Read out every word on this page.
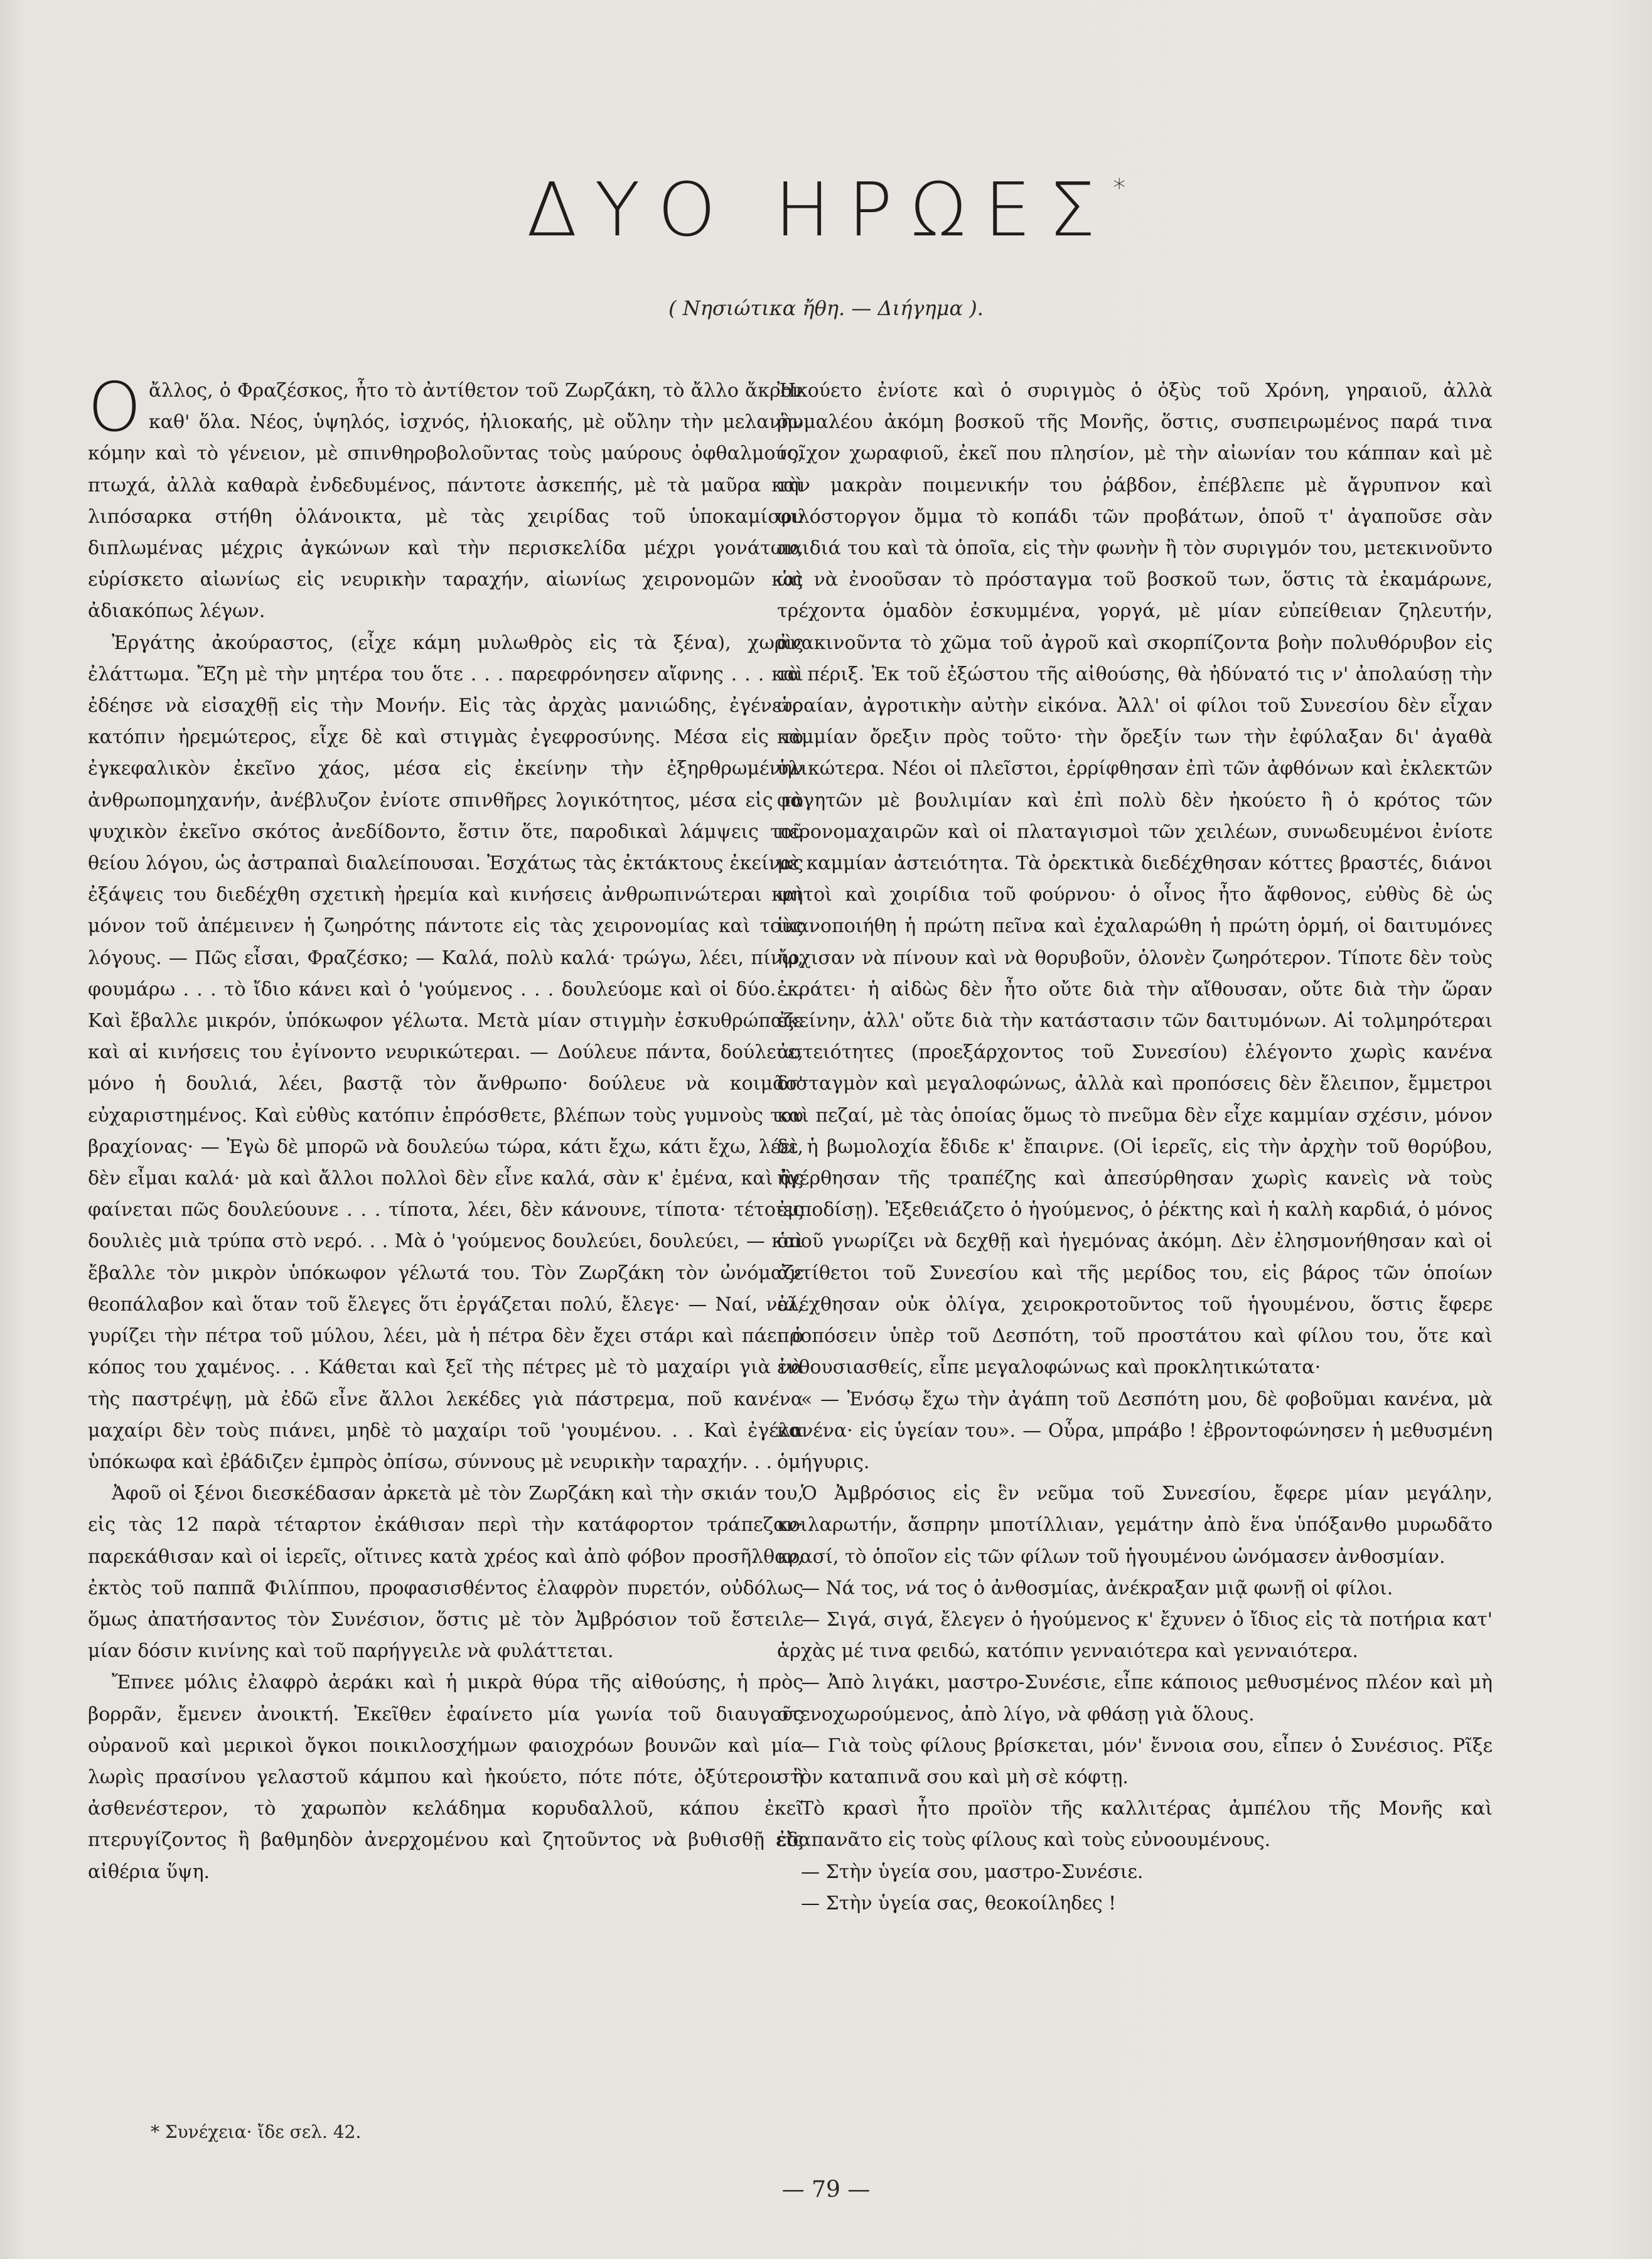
ΔΥΟ ΗΡΩΕΣ*
( Νησιώτικα ἤθη. — Διήγημα ).

Οἄλλος, ὁ Φραζέσκος, ἦτο τὸ ἀντίθετον τοῦ Ζωρζάκη, τὸ ἄλλο ἄκρον καθ' ὅλα. Νέος, ὑψηλός, ἰσχνός, ἡλιοκαής, μὲ οὔλην τὴν μελανὴν κόμην καὶ τὸ γένειον, μὲ σπινθηροβολοῦντας τοὺς μαύρους ὀφθαλμούς, πτωχά, ἀλλὰ καθαρὰ ἐνδεδυμένος, πάντοτε ἀσκεπής, μὲ τὰ μαῦρα καὶ λιπόσαρκα στήθη ὁλάνοικτα, μὲ τὰς χειρίδας τοῦ ὑποκαμίσου διπλωμένας μέχρις ἀγκώνων καὶ τὴν περισκελίδα μέχρι γονάτων, εὑρίσκετο αἰωνίως εἰς νευρικὴν ταραχήν, αἰωνίως χειρονομῶν καὶ ἀδιακόπως λέγων.

Ἐργάτης ἀκούραστος, (εἶχε κάμη μυλωθρὸς εἰς τὰ ξένα), χωρὶς ἐλάττωμα. Ἔζη μὲ τὴν μητέρα του ὅτε . . . παρεφρόνησεν αἴφνης . . . καὶ ἐδέησε νὰ εἰσαχθῇ εἰς τὴν Μονήν. Εἰς τὰς ἀρχὰς μανιώδης, ἐγένετο κατόπιν ἠρεμώτερος, εἶχε δὲ καὶ στιγμὰς ἐγεφροσύνης. Μέσα εἰς τὸ ἐγκεφαλικὸν ἐκεῖνο χάος, μέσα εἰς ἐκείνην τὴν ἐξηρθρωμένην ἀνθρωπομηχανήν, ἀνέβλυζον ἐνίοτε σπινθῆρες λογικότητος, μέσα εἰς τὸ ψυχικὸν ἐκεῖνο σκότος ἀνεδίδοντο, ἔστιν ὅτε, παροδικαὶ λάμψεις τοῦ θείου λόγου, ὡς ἀστραπαὶ διαλείπουσαι. Ἐσχάτως τὰς ἐκτάκτους ἐκείνας ἐξάψεις του διεδέχθη σχετικὴ ἠρεμία καὶ κινήσεις ἀνθρωπινώτεραι καὶ μόνον τοῦ ἀπέμεινεν ἡ ζωηρότης πάντοτε εἰς τὰς χειρονομίας καὶ τοὺς λόγους. — Πῶς εἶσαι, Φραζέσκο; — Καλά, πολὺ καλά· τρώγω, λέει, πίνω, φουμάρω . . . τὸ ἴδιο κάνει καὶ ὁ 'γούμενος . . . δουλεύομε καὶ οἱ δύο. . . Καὶ ἔβαλλε μικρόν, ὑπόκωφον γέλωτα. Μετὰ μίαν στιγμὴν ἐσκυθρώπαζε καὶ αἱ κινήσεις του ἐγίνοντο νευρικώτεραι. — Δούλευε πάντα, δούλευε, μόνο ἡ δουλιά, λέει, βαστᾷ τὸν ἄνθρωπο· δούλευε νὰ κοιμᾶσ' εὐχαριστημένος. Καὶ εὐθὺς κατόπιν ἐπρόσθετε, βλέπων τοὺς γυμνοὺς του βραχίονας· — Ἐγὼ δὲ μπορῶ νὰ δουλεύω τώρα, κάτι ἔχω, κάτι ἔχω, λέει, δὲν εἶμαι καλά· μὰ καὶ ἄλλοι πολλοὶ δὲν εἶνε καλά, σὰν κ' ἐμένα, καὶ ἂς φαίνεται πῶς δουλεύουνε . . . τίποτα, λέει, δὲν κάνουνε, τίποτα· τέτοιες δουλιὲς μιὰ τρύπα στὸ νερό. . . Μὰ ὁ 'γούμενος δουλεύει, δουλεύει, — καὶ ἔβαλλε τὸν μικρὸν ὑπόκωφον γέλωτά του. Τὸν Ζωρζάκη τὸν ὠνόμαζε θεοπάλαβον καὶ ὅταν τοῦ ἔλεγες ὅτι ἐργάζεται πολύ, ἔλεγε· — Ναί, ναί, γυρίζει τὴν πέτρα τοῦ μύλου, λέει, μὰ ἡ πέτρα δὲν ἔχει στάρι καὶ πάει ὁ κόπος του χαμένος. . . Κάθεται καὶ ξεῖ τὴς πέτρες μὲ τὸ μαχαίρι γιὰ νὰ τὴς παστρέψῃ, μὰ ἐδῶ εἶνε ἄλλοι λεκέδες γιὰ πάστρεμα, ποῦ κανένα μαχαίρι δὲν τοὺς πιάνει, μηδὲ τὸ μαχαίρι τοῦ 'γουμένου. . . Καὶ ἐγέλα ὑπόκωφα καὶ ἐβάδιζεν ἐμπρὸς ὀπίσω, σύννους μὲ νευρικὴν ταραχήν. . .

Ἀφοῦ οἱ ξένοι διεσκέδασαν ἀρκετὰ μὲ τὸν Ζωρζάκη καὶ τὴν σκιάν του, εἰς τὰς 12 παρὰ τέταρτον ἐκάθισαν περὶ τὴν κατάφορτον τράπεζαν· παρεκάθισαν καὶ οἱ ἱερεῖς, οἵτινες κατὰ χρέος καὶ ἀπὸ φόβον προσῆλθον, ἐκτὸς τοῦ παππᾶ Φιλίππου, προφασισθέντος ἐλαφρὸν πυρετόν, οὐδόλως ὅμως ἀπατήσαντος τὸν Συνέσιον, ὅστις μὲ τὸν Ἀμβρόσιον τοῦ ἔστειλε μίαν δόσιν κινίνης καὶ τοῦ παρήγγειλε νὰ φυλάττεται.

Ἔπνεε μόλις ἐλαφρὸ ἀεράκι καὶ ἡ μικρὰ θύρα τῆς αἰθούσης, ἡ πρὸς βορρᾶν, ἔμενεν ἀνοικτή. Ἐκεῖθεν ἐφαίνετο μία γωνία τοῦ διαυγοῦς οὐρανοῦ καὶ μερικοὶ ὄγκοι ποικιλοσχήμων φαιοχρόων βουνῶν καὶ μία λωρὶς πρασίνου γελαστοῦ κάμπου καὶ ἠκούετο, πότε πότε, ὀξύτερον ἢ ἀσθενέστερον, τὸ χαρωπὸν κελάδημα κορυδαλλοῦ, κάπου ἐκεῖ πτερυγίζοντος ἢ βαθμηδὸν ἀνερχομένου καὶ ζητοῦντος νὰ βυθισθῇ εἰς αἰθέρια ὕψη.

Ἠκούετο ἐνίοτε καὶ ὁ συριγμὸς ὁ ὀξὺς τοῦ Χρόνη, γηραιοῦ, ἀλλὰ ῥωμαλέου ἀκόμη βοσκοῦ τῆς Μονῆς, ὅστις, συσπειρωμένος παρά τινα τοῖχον χωραφιοῦ, ἐκεῖ που πλησίον, μὲ τὴν αἰωνίαν του κάππαν καὶ μὲ τὴν μακρὰν ποιμενικήν του ῥάβδον, ἐπέβλεπε μὲ ἄγρυπνον καὶ φιλόστοργον ὄμμα τὸ κοπάδι τῶν προβάτων, ὁποῦ τ' ἀγαποῦσε σὰν παιδιά του καὶ τὰ ὁποῖα, εἰς τὴν φωνὴν ἢ τὸν συριγμόν του, μετεκινοῦντο ὡς νὰ ἐνοοῦσαν τὸ πρόσταγμα τοῦ βοσκοῦ των, ὅστις τὰ ἐκαμάρωνε, τρέχοντα ὁμαδὸν ἐσκυμμένα, γοργά, μὲ μίαν εὐπείθειαν ζηλευτήν, ἀνακινοῦντα τὸ χῶμα τοῦ ἀγροῦ καὶ σκορπίζοντα βοὴν πολυθόρυβον εἰς τὰ πέριξ. Ἐκ τοῦ ἐξώστου τῆς αἰθούσης, θὰ ἠδύνατό τις ν' ἀπολαύσῃ τὴν ὡραίαν, ἀγροτικὴν αὐτὴν εἰκόνα. Ἀλλ' οἱ φίλοι τοῦ Συνεσίου δὲν εἶχαν καμμίαν ὄρεξιν πρὸς τοῦτο· τὴν ὄρεξίν των τὴν ἐφύλαξαν δι' ἀγαθὰ ὑλικώτερα. Νέοι οἱ πλεῖστοι, ἐρρίφθησαν ἐπὶ τῶν ἀφθόνων καὶ ἐκλεκτῶν φαγητῶν μὲ βουλιμίαν καὶ ἐπὶ πολὺ δὲν ἠκούετο ἢ ὁ κρότος τῶν περονομαχαιρῶν καὶ οἱ πλαταγισμοὶ τῶν χειλέων, συνωδευμένοι ἐνίοτε μὲ καμμίαν ἀστειότητα. Τὰ ὀρεκτικὰ διεδέχθησαν κόττες βραστές, διάνοι ψητοὶ καὶ χοιρίδια τοῦ φούρνου· ὁ οἶνος ἦτο ἄφθονος, εὐθὺς δὲ ὡς ἱκανοποιήθη ἡ πρώτη πεῖνα καὶ ἐχαλαρώθη ἡ πρώτη ὁρμή, οἱ δαιτυμόνες ἤρχισαν νὰ πίνουν καὶ νὰ θορυβοῦν, ὁλονὲν ζωηρότερον. Τίποτε δὲν τοὺς ἐκράτει· ἡ αἰδὼς δὲν ἦτο οὔτε διὰ τὴν αἴθουσαν, οὔτε διὰ τὴν ὥραν ἐκείνην, ἀλλ' οὔτε διὰ τὴν κατάστασιν τῶν δαιτυμόνων. Αἱ τολμηρότεραι ἀστειότητες (προεξάρχοντος τοῦ Συνεσίου) ἐλέγοντο χωρὶς κανένα δισταγμὸν καὶ μεγαλοφώνως, ἀλλὰ καὶ προπόσεις δὲν ἔλειπον, ἔμμετροι καὶ πεζαί, μὲ τὰς ὁποίας ὅμως τὸ πνεῦμα δὲν εἶχε καμμίαν σχέσιν, μόνον δὲ ἡ βωμολοχία ἔδιδε κ' ἔπαιρνε. (Οἱ ἱερεῖς, εἰς τὴν ἀρχὴν τοῦ θορύβου, ἠγέρθησαν τῆς τραπέζης καὶ ἀπεσύρθησαν χωρὶς κανεὶς νὰ τοὺς ἐμποδίσῃ). Ἐξεθειάζετο ὁ ἡγούμενος, ὁ ῥέκτης καὶ ἡ καλὴ καρδιά, ὁ μόνος ὁποῦ γνωρίζει νὰ δεχθῇ καὶ ἡγεμόνας ἀκόμη. Δὲν ἐλησμονήθησαν καὶ οἱ ἀντίθετοι τοῦ Συνεσίου καὶ τῆς μερίδος του, εἰς βάρος τῶν ὁποίων ἐλέχθησαν οὐκ ὀλίγα, χειροκροτοῦντος τοῦ ἡγουμένου, ὅστις ἔφερε προπόσειν ὑπὲρ τοῦ Δεσπότη, τοῦ προστάτου καὶ φίλου του, ὅτε καὶ ἐνθουσιασθείς, εἶπε μεγαλοφώνως καὶ προκλητικώτατα·

« — Ἐνόσῳ ἔχω τὴν ἀγάπη τοῦ Δεσπότη μου, δὲ φοβοῦμαι κανένα, μὰ κανένα· εἰς ὑγείαν του». — Οὖρα, μπράβο ! ἐβροντοφώνησεν ἡ μεθυσμένη ὁμήγυρις.

Ὁ Ἀμβρόσιος εἰς ἓν νεῦμα τοῦ Συνεσίου, ἔφερε μίαν μεγάλην, κοιλαρωτήν, ἄσπρην μποτίλλιαν, γεμάτην ἀπὸ ἕνα ὑπόξανθο μυρωδᾶτο κρασί, τὸ ὁποῖον εἰς τῶν φίλων τοῦ ἡγουμένου ὠνόμασεν ἀνθοσμίαν.

— Νά τος, νά τος ὁ ἀνθοσμίας, ἀνέκραξαν μιᾷ φωνῇ οἱ φίλοι.

— Σιγά, σιγά, ἔλεγεν ὁ ἡγούμενος κ' ἔχυνεν ὁ ἴδιος εἰς τὰ ποτήρια κατ' ἀρχὰς μέ τινα φειδώ, κατόπιν γενναιότερα καὶ γενναιότερα.

— Ἀπὸ λιγάκι, μαστρο-Συνέσιε, εἶπε κάποιος μεθυσμένος πλέον καὶ μὴ στενοχωρούμενος, ἀπὸ λίγο, νὰ φθάσῃ γιὰ ὅλους.

— Γιὰ τοὺς φίλους βρίσκεται, μόν' ἔννοια σου, εἶπεν ὁ Συνέσιος. Ρῖξε στὸν καταπινᾶ σου καὶ μὴ σὲ κόφτῃ.

Τὸ κρασὶ ἦτο προϊὸν τῆς καλλιτέρας ἀμπέλου τῆς Μονῆς καὶ ἐδαπανᾶτο εἰς τοὺς φίλους καὶ τοὺς εὐνοουμένους.

— Στὴν ὑγεία σου, μαστρο-Συνέσιε.

— Στὴν ὑγεία σας, θεοκοίληδες !

* Συνέχεια· ἴδε σελ. 42.
— 79 —
